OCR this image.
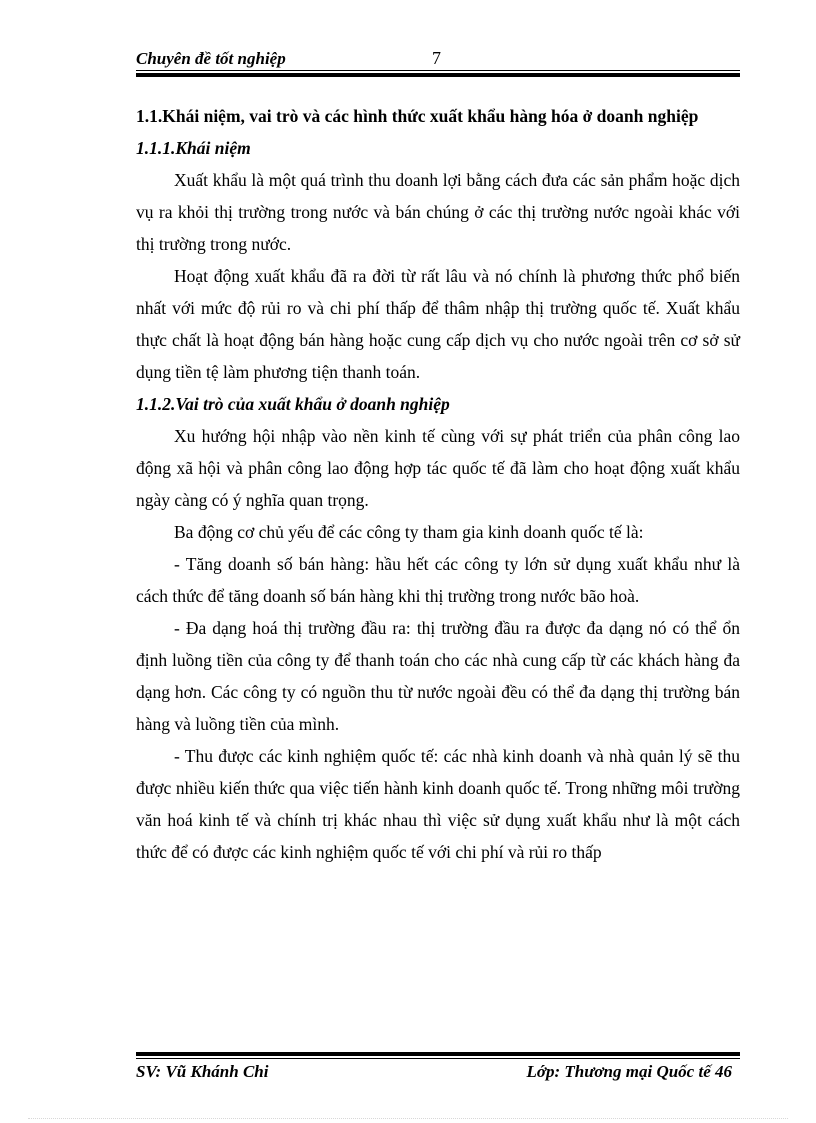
Chuyên đề tốt nghiệp	7

1.1.Khái niệm, vai trò và các hình thức xuất khẩu hàng hóa ở doanh nghiệp

1.1.1.Khái niệm

Xuất khẩu là một quá trình thu doanh lợi bằng cách đưa các sản phẩm hoặc dịch vụ ra khỏi thị trường trong nước và bán chúng ở các thị trường nước ngoài khác với thị trường trong nước.

Hoạt động xuất khẩu đã ra đời từ rất lâu và nó chính là phương thức phổ biến nhất với mức độ rủi ro và chi phí thấp để thâm nhập thị trường quốc tế. Xuất khẩu thực chất là hoạt động bán hàng hoặc cung cấp dịch vụ cho nước ngoài trên cơ sở sử dụng tiền tệ làm phương tiện thanh toán.

1.1.2.Vai trò của xuất khẩu ở doanh nghiệp

Xu hướng hội nhập vào nền kinh tế cùng với sự phát triển của phân công lao động xã hội và phân công lao động hợp tác quốc tế đã làm cho hoạt động xuất khẩu ngày càng có ý nghĩa quan trọng.

Ba động cơ chủ yếu để các công ty tham gia kinh doanh quốc tế là:

- Tăng doanh số bán hàng: hầu hết các công ty lớn sử dụng xuất khẩu như là cách thức để tăng doanh số bán hàng khi thị trường trong nước bão hoà.

- Đa dạng hoá thị trường đầu ra: thị trường đầu ra được đa dạng nó có thể ổn định luồng tiền của công ty để thanh toán cho các nhà cung cấp từ các khách hàng đa dạng hơn. Các công ty có nguồn thu từ nước ngoài đều có thể đa dạng thị trường bán hàng và luồng tiền của mình.

- Thu được các kinh nghiệm quốc tế: các nhà kinh doanh và nhà quản lý sẽ thu được nhiều kiến thức qua việc tiến hành kinh doanh quốc tế. Trong những môi trường văn hoá kinh tế và chính trị khác nhau thì việc sử dụng xuất khẩu như là một cách thức để có được các kinh nghiệm quốc tế với chi phí và rủi ro thấp

SV: Vũ Khánh Chi	Lớp: Thương mại Quốc tế 46
